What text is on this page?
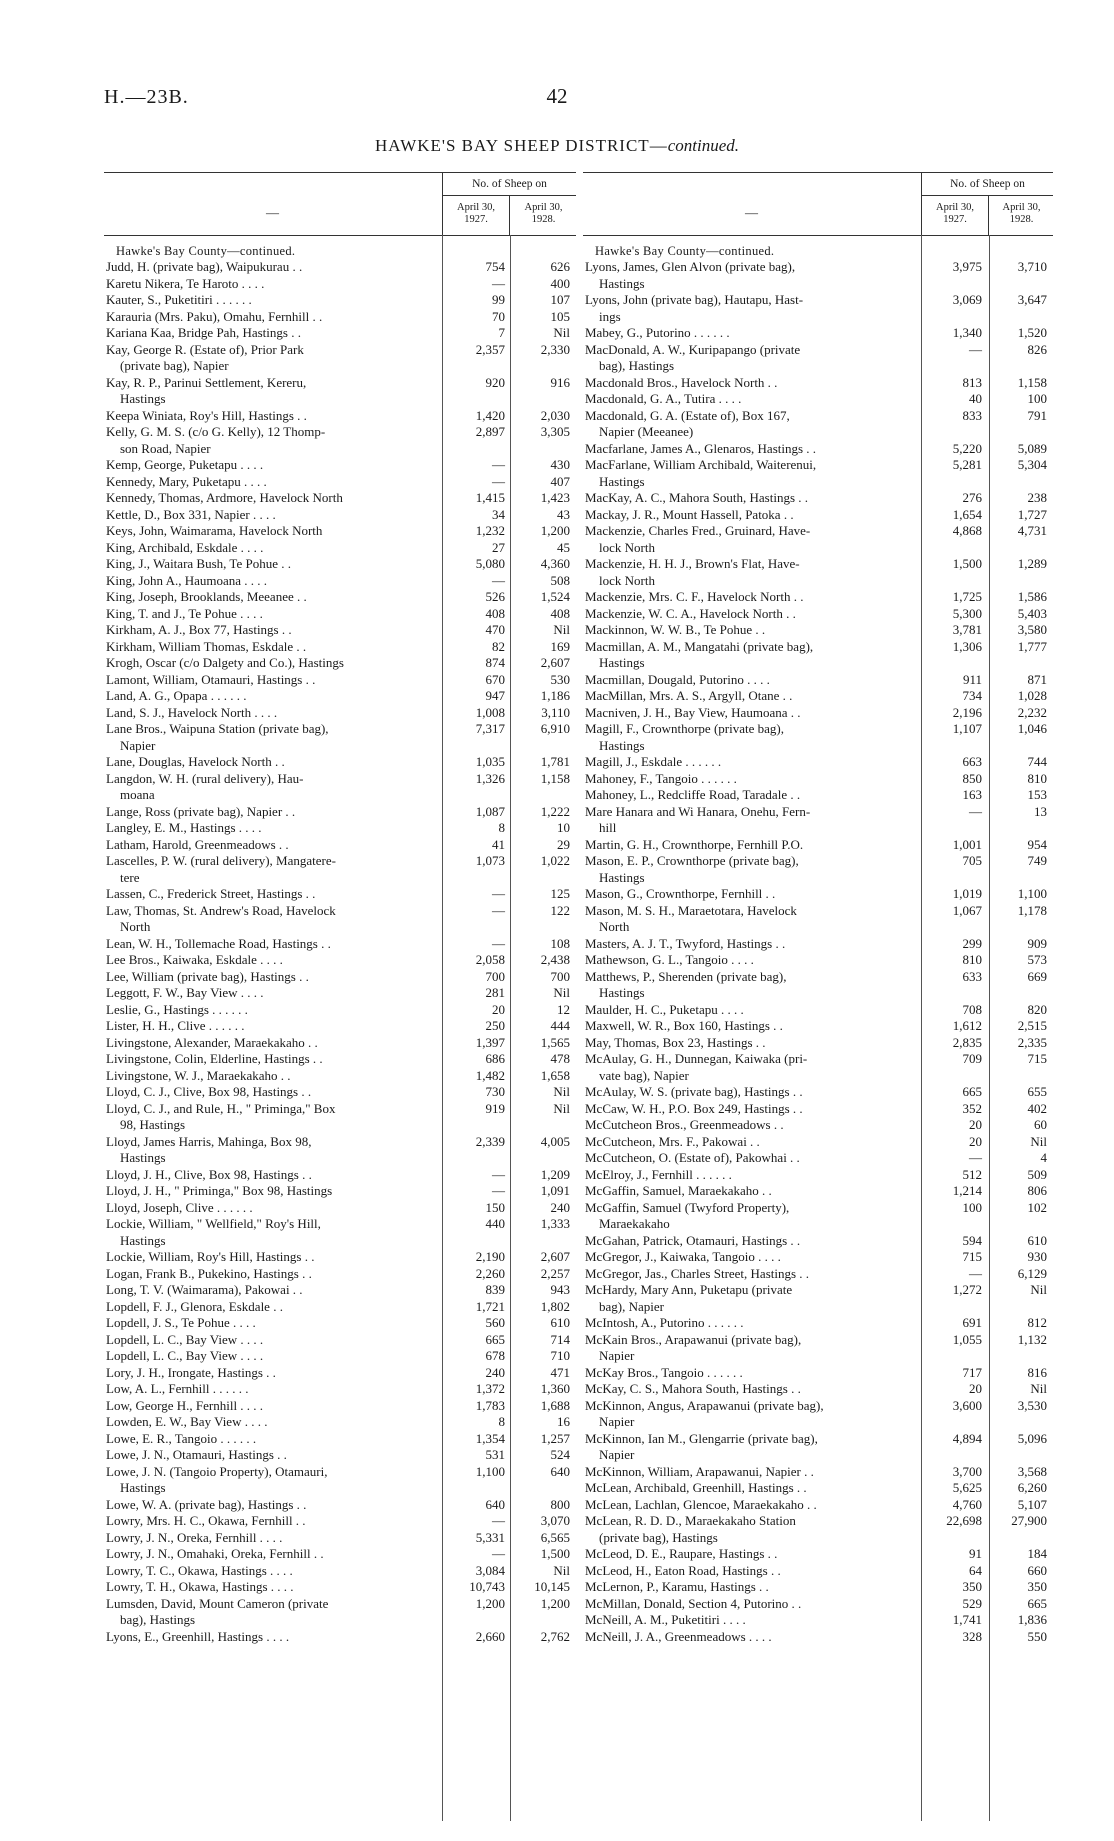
H.—23B.	42
HAWKE'S BAY SHEEP DISTRICT—continued.
—
No. of Sheep on
April 30,
1927.
April 30,
1928.
Hawke's Bay County—continued.
Judd, H. (private bag), Waipukurau . .	754	626
Karetu Nikera, Te Haroto . . . .	—	400
Kauter, S., Puketitiri . . . . . .	99	107
Karauria (Mrs. Paku), Omahu, Fernhill . .	70	105
Kariana Kaa, Bridge Pah, Hastings . .	7	Nil
Kay, George R. (Estate of), Prior Park
(private bag), Napier
2,357	2,330
Kay, R. P., Parinui Settlement, Kereru,
Hastings
920	916
Keepa Winiata, Roy's Hill, Hastings . .	1,420	2,030
Kelly, G. M. S. (c/o G. Kelly), 12 Thomp-
son Road, Napier
2,897	3,305
Kemp, George, Puketapu . . . .	—	430
Kennedy, Mary, Puketapu . . . .	—	407
Kennedy, Thomas, Ardmore, Havelock North	1,415	1,423
Kettle, D., Box 331, Napier . . . .	34	43
Keys, John, Waimarama, Havelock North	1,232	1,200
King, Archibald, Eskdale . . . .	27	45
King, J., Waitara Bush, Te Pohue . .	5,080	4,360
King, John A., Haumoana . . . .	—	508
King, Joseph, Brooklands, Meeanee . .	526	1,524
King, T. and J., Te Pohue . . . .	408	408
Kirkham, A. J., Box 77, Hastings . .	470	Nil
Kirkham, William Thomas, Eskdale . .	82	169
Krogh, Oscar (c/o Dalgety and Co.), Hastings	874	2,607
Lamont, William, Otamauri, Hastings . .	670	530
Land, A. G., Opapa . . . . . .	947	1,186
Land, S. J., Havelock North . . . .	1,008	3,110
Lane Bros., Waipuna Station (private bag),
Napier
7,317	6,910
Lane, Douglas, Havelock North . .	1,035	1,781
Langdon, W. H. (rural delivery), Hau-
moana
1,326	1,158
Lange, Ross (private bag), Napier . .	1,087	1,222
Langley, E. M., Hastings . . . .	8	10
Latham, Harold, Greenmeadows . .	41	29
Lascelles, P. W. (rural delivery), Mangatere-
tere
1,073	1,022
Lassen, C., Frederick Street, Hastings . .	—	125
Law, Thomas, St. Andrew's Road, Havelock
North
—	122
Lean, W. H., Tollemache Road, Hastings . .	—	108
Lee Bros., Kaiwaka, Eskdale . . . .	2,058	2,438
Lee, William (private bag), Hastings . .	700	700
Leggott, F. W., Bay View . . . .	281	Nil
Leslie, G., Hastings . . . . . .	20	12
Lister, H. H., Clive . . . . . .	250	444
Livingstone, Alexander, Maraekakaho . .	1,397	1,565
Livingstone, Colin, Elderline, Hastings . .	686	478
Livingstone, W. J., Maraekakaho . .	1,482	1,658
Lloyd, C. J., Clive, Box 98, Hastings . .	730	Nil
Lloyd, C. J., and Rule, H., " Priminga," Box
98, Hastings
919	Nil
Lloyd, James Harris, Mahinga, Box 98,
Hastings
2,339	4,005
Lloyd, J. H., Clive, Box 98, Hastings . .	—	1,209
Lloyd, J. H., " Priminga," Box 98, Hastings	—	1,091
Lloyd, Joseph, Clive . . . . . .	150	240
Lockie, William, " Wellfield," Roy's Hill,
Hastings
440	1,333
Lockie, William, Roy's Hill, Hastings . .	2,190	2,607
Logan, Frank B., Pukekino, Hastings . .	2,260	2,257
Long, T. V. (Waimarama), Pakowai . .	839	943
Lopdell, F. J., Glenora, Eskdale . .	1,721	1,802
Lopdell, J. S., Te Pohue . . . .	560	610
Lopdell, L. C., Bay View . . . .	665	714
Lopdell, L. C., Bay View . . . .	678	710
Lory, J. H., Irongate, Hastings . .	240	471
Low, A. L., Fernhill . . . . . .	1,372	1,360
Low, George H., Fernhill . . . .	1,783	1,688
Lowden, E. W., Bay View . . . .	8	16
Lowe, E. R., Tangoio . . . . . .	1,354	1,257
Lowe, J. N., Otamauri, Hastings . .	531	524
Lowe, J. N. (Tangoio Property), Otamauri,
Hastings
1,100	640
Lowe, W. A. (private bag), Hastings . .	640	800
Lowry, Mrs. H. C., Okawa, Fernhill . .	—	3,070
Lowry, J. N., Oreka, Fernhill . . . .	5,331	6,565
Lowry, J. N., Omahaki, Oreka, Fernhill . .	—	1,500
Lowry, T. C., Okawa, Hastings . . . .	3,084	Nil
Lowry, T. H., Okawa, Hastings . . . .	10,743	10,145
Lumsden, David, Mount Cameron (private
bag), Hastings
1,200	1,200
Lyons, E., Greenhill, Hastings . . . .	2,660	2,762
—
No. of Sheep on
April 30,
1927.
April 30,
1928.
Hawke's Bay County—continued.
Lyons, James, Glen Alvon (private bag),
Hastings
3,975	3,710
Lyons, John (private bag), Hautapu, Hast-
ings
3,069	3,647
Mabey, G., Putorino . . . . . .	1,340	1,520
MacDonald, A. W., Kuripapango (private
bag), Hastings
—	826
Macdonald Bros., Havelock North . .	813	1,158
Macdonald, G. A., Tutira . . . .	40	100
Macdonald, G. A. (Estate of), Box 167,
Napier (Meeanee)
833	791
Macfarlane, James A., Glenaros, Hastings . .	5,220	5,089
MacFarlane, William Archibald, Waiterenui,
Hastings
5,281	5,304
MacKay, A. C., Mahora South, Hastings . .	276	238
Mackay, J. R., Mount Hassell, Patoka . .	1,654	1,727
Mackenzie, Charles Fred., Gruinard, Have-
lock North
4,868	4,731
Mackenzie, H. H. J., Brown's Flat, Have-
lock North
1,500	1,289
Mackenzie, Mrs. C. F., Havelock North . .	1,725	1,586
Mackenzie, W. C. A., Havelock North . .	5,300	5,403
Mackinnon, W. W. B., Te Pohue . .	3,781	3,580
Macmillan, A. M., Mangatahi (private bag),
Hastings
1,306	1,777
Macmillan, Dougald, Putorino . . . .	911	871
MacMillan, Mrs. A. S., Argyll, Otane . .	734	1,028
Macniven, J. H., Bay View, Haumoana . .	2,196	2,232
Magill, F., Crownthorpe (private bag),
Hastings
1,107	1,046
Magill, J., Eskdale . . . . . .	663	744
Mahoney, F., Tangoio . . . . . .	850	810
Mahoney, L., Redcliffe Road, Taradale . .	163	153
Mare Hanara and Wi Hanara, Onehu, Fern-
hill
—	13
Martin, G. H., Crownthorpe, Fernhill P.O.	1,001	954
Mason, E. P., Crownthorpe (private bag),
Hastings
705	749
Mason, G., Crownthorpe, Fernhill . .	1,019	1,100
Mason, M. S. H., Maraetotara, Havelock
North
1,067	1,178
Masters, A. J. T., Twyford, Hastings . .	299	909
Mathewson, G. L., Tangoio . . . .	810	573
Matthews, P., Sherenden (private bag),
Hastings
633	669
Maulder, H. C., Puketapu . . . .	708	820
Maxwell, W. R., Box 160, Hastings . .	1,612	2,515
May, Thomas, Box 23, Hastings . .	2,835	2,335
McAulay, G. H., Dunnegan, Kaiwaka (pri-
vate bag), Napier
709	715
McAulay, W. S. (private bag), Hastings . .	665	655
McCaw, W. H., P.O. Box 249, Hastings . .	352	402
McCutcheon Bros., Greenmeadows . .	20	60
McCutcheon, Mrs. F., Pakowai . .	20	Nil
McCutcheon, O. (Estate of), Pakowhai . .	—	4
McElroy, J., Fernhill . . . . . .	512	509
McGaffin, Samuel, Maraekakaho . .	1,214	806
McGaffin, Samuel (Twyford Property),
Maraekakaho
100	102
McGahan, Patrick, Otamauri, Hastings . .	594	610
McGregor, J., Kaiwaka, Tangoio . . . .	715	930
McGregor, Jas., Charles Street, Hastings . .	—	6,129
McHardy, Mary Ann, Puketapu (private
bag), Napier
1,272	Nil
McIntosh, A., Putorino . . . . . .	691	812
McKain Bros., Arapawanui (private bag),
Napier
1,055	1,132
McKay Bros., Tangoio . . . . . .	717	816
McKay, C. S., Mahora South, Hastings . .	20	Nil
McKinnon, Angus, Arapawanui (private bag),
Napier
3,600	3,530
McKinnon, Ian M., Glengarrie (private bag),
Napier
4,894	5,096
McKinnon, William, Arapawanui, Napier . .	3,700	3,568
McLean, Archibald, Greenhill, Hastings . .	5,625	6,260
McLean, Lachlan, Glencoe, Maraekakaho . .	4,760	5,107
McLean, R. D. D., Maraekakaho Station
(private bag), Hastings
22,698	27,900
McLeod, D. E., Raupare, Hastings . .	91	184
McLeod, H., Eaton Road, Hastings . .	64	660
McLernon, P., Karamu, Hastings . .	350	350
McMillan, Donald, Section 4, Putorino . .	529	665
McNeill, A. M., Puketitiri . . . .	1,741	1,836
McNeill, J. A., Greenmeadows . . . .	328	550
